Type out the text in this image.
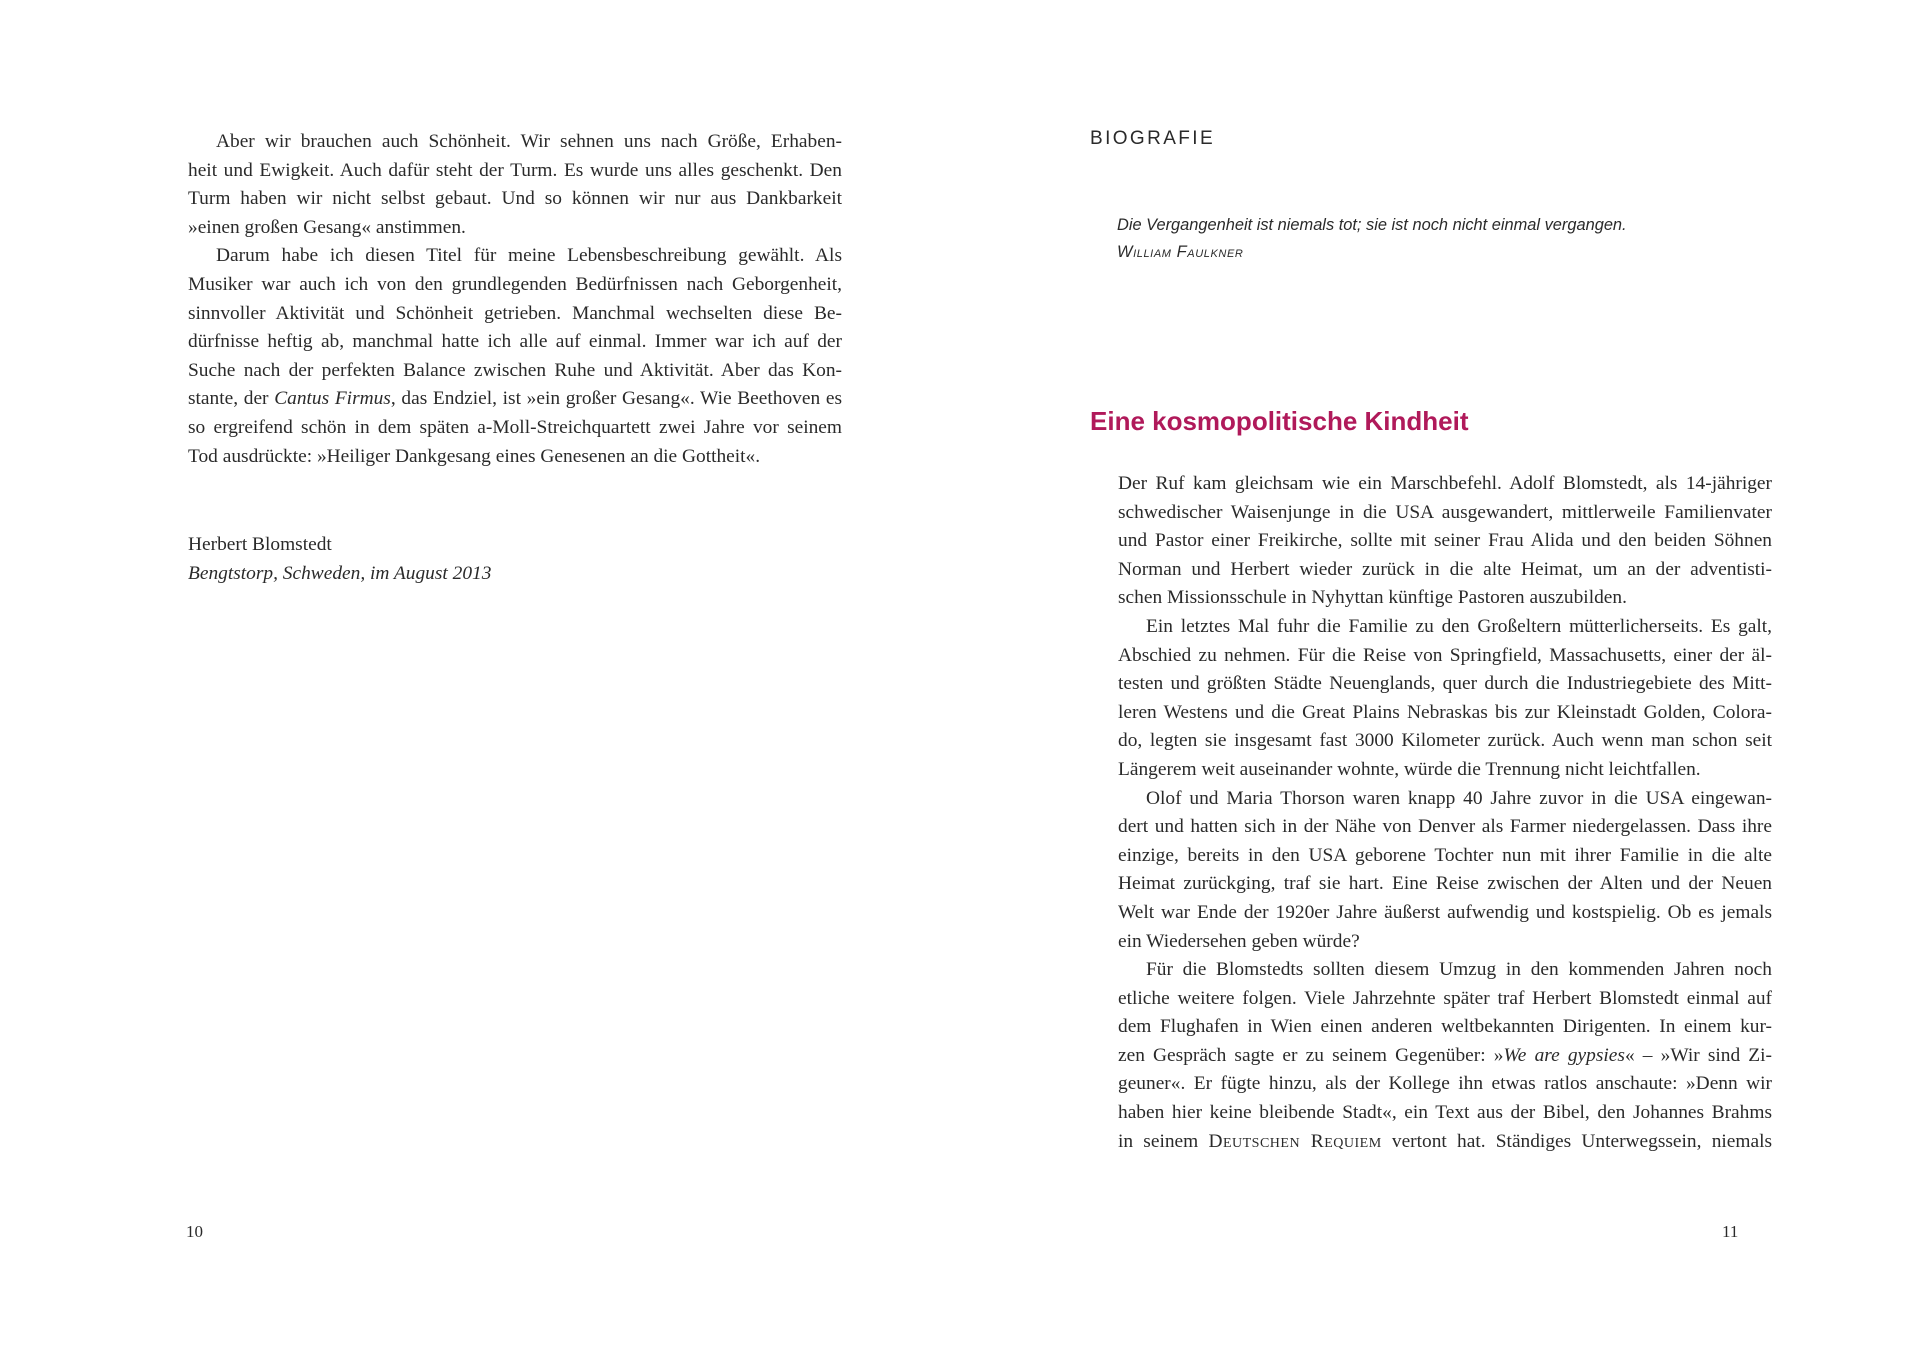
Aber wir brauchen auch Schönheit. Wir sehnen uns nach Größe, Erhaben-
heit und Ewigkeit. Auch dafür steht der Turm. Es wurde uns alles geschenkt. Den
Turm haben wir nicht selbst gebaut. Und so können wir nur aus Dankbarkeit
»einen großen Gesang« anstimmen.

Darum habe ich diesen Titel für meine Lebensbeschreibung gewählt. Als
Musiker war auch ich von den grundlegenden Bedürfnissen nach Geborgenheit,
sinnvoller Aktivität und Schönheit getrieben. Manchmal wechselten diese Be-
dürfnisse heftig ab, manchmal hatte ich alle auf einmal. Immer war ich auf der
Suche nach der perfekten Balance zwischen Ruhe und Aktivität. Aber das Kon-
stante, der Cantus Firmus, das Endziel, ist »ein großer Gesang«. Wie Beethoven es
so ergreifend schön in dem späten a-Moll-Streichquartett zwei Jahre vor seinem
Tod ausdrückte: »Heiliger Dankgesang eines Genesenen an die Gottheit«.

Herbert Blomstedt
Bengtstorp, Schweden, im August 2013
10
BIOGRAFIE
Die Vergangenheit ist niemals tot; sie ist noch nicht einmal vergangen.
William Faulkner
Eine kosmopolitische Kindheit

Der Ruf kam gleichsam wie ein Marschbefehl. Adolf Blomstedt, als 14-jähriger
schwedischer Waisenjunge in die USA ausgewandert, mittlerweile Familienvater
und Pastor einer Freikirche, sollte mit seiner Frau Alida und den beiden Söhnen
Norman und Herbert wieder zurück in die alte Heimat, um an der adventisti-
schen Missionsschule in Nyhyttan künftige Pastoren auszubilden.

Ein letztes Mal fuhr die Familie zu den Großeltern mütterlicherseits. Es galt,
Abschied zu nehmen. Für die Reise von Springfield, Massachusetts, einer der äl-
testen und größten Städte Neuenglands, quer durch die Industriegebiete des Mitt-
leren Westens und die Great Plains Nebraskas bis zur Kleinstadt Golden, Colora-
do, legten sie insgesamt fast 3000 Kilometer zurück. Auch wenn man schon seit
Längerem weit auseinander wohnte, würde die Trennung nicht leichtfallen.

Olof und Maria Thorson waren knapp 40 Jahre zuvor in die USA eingewan-
dert und hatten sich in der Nähe von Denver als Farmer niedergelassen. Dass ihre
einzige, bereits in den USA geborene Tochter nun mit ihrer Familie in die alte
Heimat zurückging, traf sie hart. Eine Reise zwischen der Alten und der Neuen
Welt war Ende der 1920er Jahre äußerst aufwendig und kostspielig. Ob es jemals
ein Wiedersehen geben würde?

Für die Blomstedts sollten diesem Umzug in den kommenden Jahren noch
etliche weitere folgen. Viele Jahrzehnte später traf Herbert Blomstedt einmal auf
dem Flughafen in Wien einen anderen weltbekannten Dirigenten. In einem kur-
zen Gespräch sagte er zu seinem Gegenüber: »We are gypsies« – »Wir sind Zi-
geuner«. Er fügte hinzu, als der Kollege ihn etwas ratlos anschaute: »Denn wir
haben hier keine bleibende Stadt«, ein Text aus der Bibel, den Johannes Brahms
in seinem Deutschen Requiem vertont hat. Ständiges Unterwegssein, niemals

11
